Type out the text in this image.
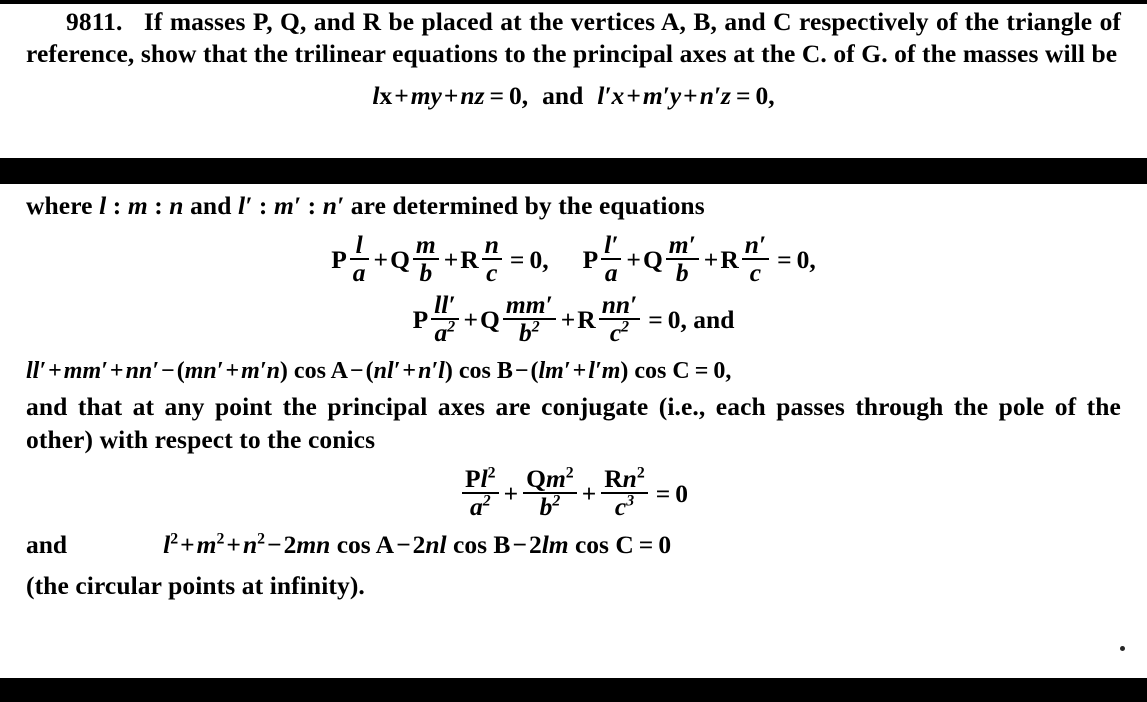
9811. If masses P, Q, and R be placed at the vertices A, B, and C respectively of the triangle of reference, show that the trilinear equations to the principal axes at the C. of G. of the masses will be

lx+my+nz = 0, and l′x+m′y+n′z = 0,

where l : m : n and l′ : m′ : n′ are determined by the equations

P $\frac{l}{a} +Q \frac{m}{b} +R \frac{n}{c} = 0$, P $\frac{l'}{a} +Q \frac{m'}{b} +R \frac{n'}{c} = 0$,
P $\frac{ll'}{a^2} +Q \frac{mm'}{b^2} +R \frac{nn'}{c^2} = 0$, and
ll′+mm′+nn′−(mn′+m′n) cos A−(nl′+n′l) cos B−(lm′+l′m) cos C = 0,

and that at any point the principal axes are conjugate (i.e., each passes through the pole of the other) with respect to the conics

$\frac{Pl^2}{a^2} + \frac{Qm^2}{b^2} + \frac{Rn^2}{c^3} = 0$
and	$l^2+m^2+n^2-2mn$ cos A−2nl cos B−2lm cos C = 0

(the circular points at infinity).
